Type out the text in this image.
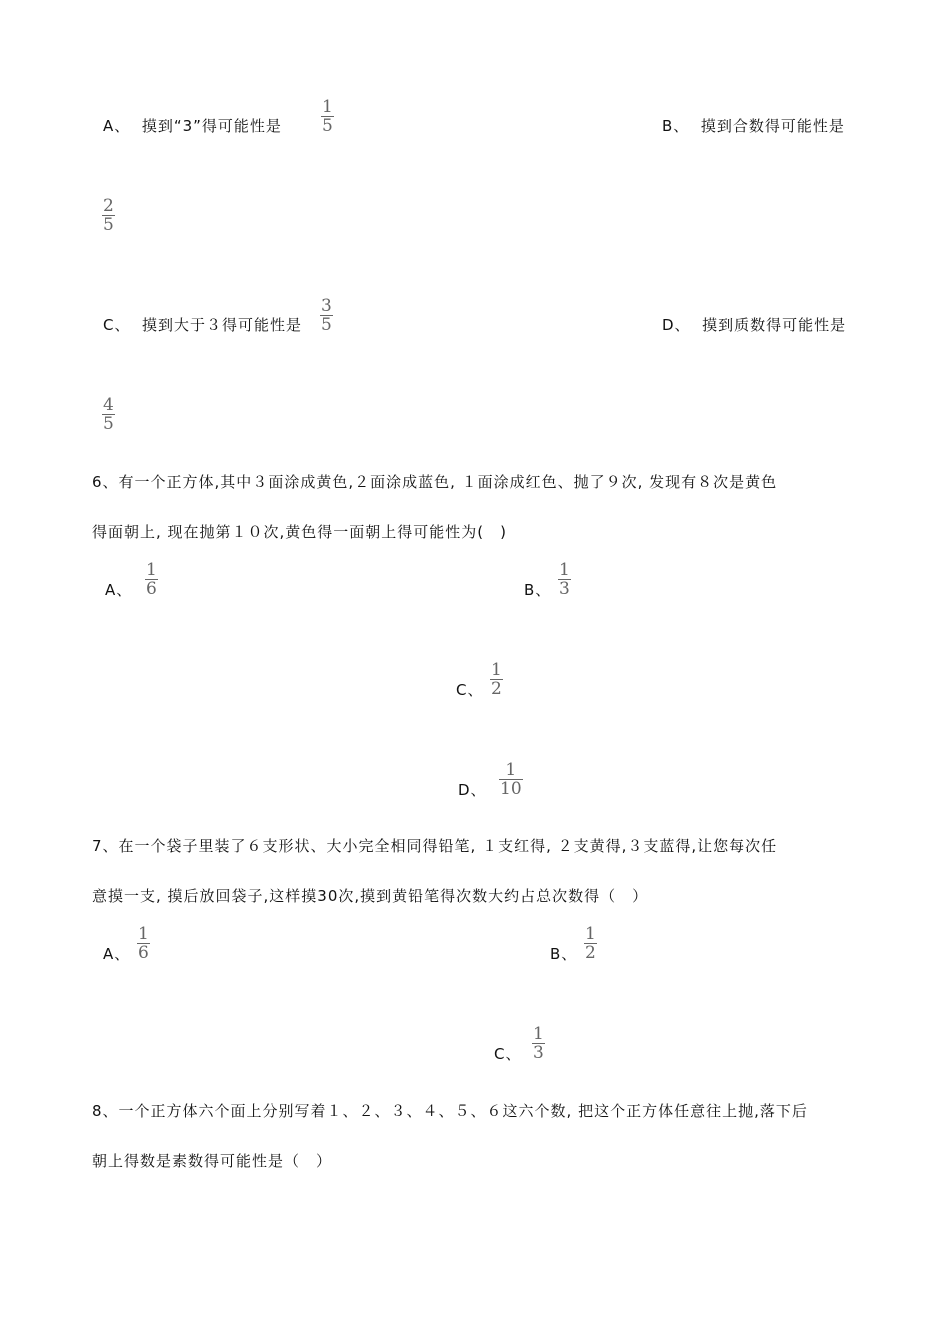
A、 摸到“3”得可能性是
1
5	B、 摸到合数得可能性是
2
5
C、 摸到大于３得可能性是
3
5	D、 摸到质数得可能性是
4
5
6、有一个正方体,其中３面涂成黄色,２面涂成蓝色, １面涂成红色、抛了９次, 发现有８次是黄色
得面朝上, 现在抛第１０次,黄色得一面朝上得可能性为(　)
A、
1
6	B、
1
3
C、
1
2
D、
1
10
7、在一个袋子里装了６支形状、大小完全相同得铅笔, １支红得, ２支黄得,３支蓝得,让您每次任
意摸一支, 摸后放回袋子,这样摸30次,摸到黄铅笔得次数大约占总次数得（　）
A、
1
6	B、
1
2
C、
1
3
8、一个正方体六个面上分别写着１、２、３、４、５、６这六个数, 把这个正方体任意往上抛,落下后
朝上得数是素数得可能性是（　）
